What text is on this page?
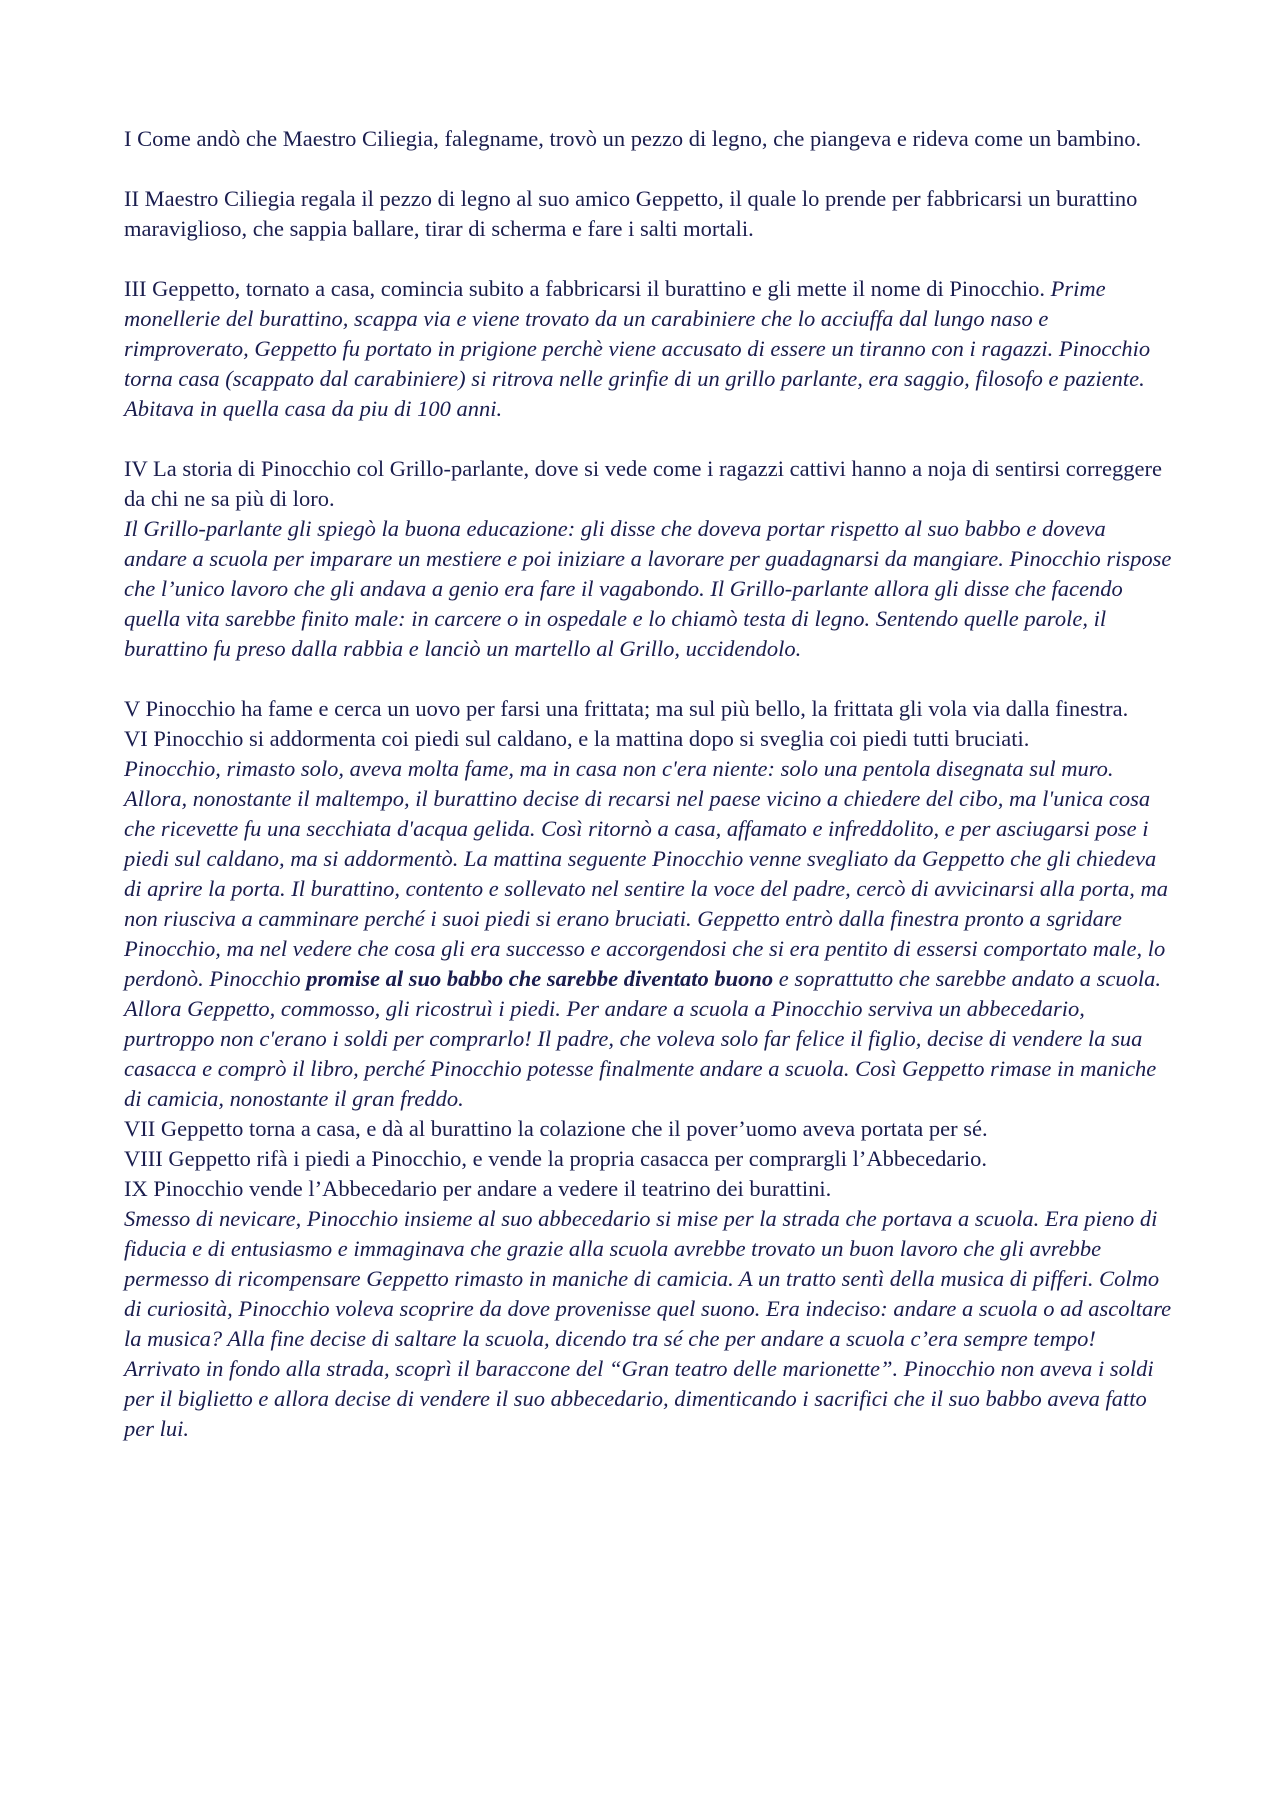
I Come andò che Maestro Ciliegia, falegname, trovò un pezzo di legno, che piangeva e rideva come un bambino.

II Maestro Ciliegia regala il pezzo di legno al suo amico Geppetto, il quale lo prende per fabbricarsi un burattino maraviglioso, che sappia ballare, tirar di scherma e fare i salti mortali.

III Geppetto, tornato a casa, comincia subito a fabbricarsi il burattino e gli mette il nome di Pinocchio. Prime monellerie del burattino, scappa via e viene trovato da un carabiniere che lo acciuffa dal lungo naso e rimproverato, Geppetto fu portato in prigione perchè viene accusato di essere un tiranno con i ragazzi. Pinocchio torna casa (scappato dal carabiniere) si ritrova nelle grinfie di un grillo parlante, era saggio, filosofo e paziente. Abitava in quella casa da piu di 100 anni.

IV La storia di Pinocchio col Grillo-parlante, dove si vede come i ragazzi cattivi hanno a noja di sentirsi correggere da chi ne sa più di loro.

Il Grillo-parlante gli spiegò la buona educazione: gli disse che doveva portar rispetto al suo babbo e doveva andare a scuola per imparare un mestiere e poi iniziare a lavorare per guadagnarsi da mangiare. Pinocchio rispose che l’unico lavoro che gli andava a genio era fare il vagabondo. Il Grillo-parlante allora gli disse che facendo quella vita sarebbe finito male: in carcere o in ospedale e lo chiamò testa di legno. Sentendo quelle parole, il burattino fu preso dalla rabbia e lanciò un martello al Grillo, uccidendolo.

V Pinocchio ha fame e cerca un uovo per farsi una frittata; ma sul più bello, la frittata gli vola via dalla finestra.

VI Pinocchio si addormenta coi piedi sul caldano, e la mattina dopo si sveglia coi piedi tutti bruciati.

Pinocchio, rimasto solo, aveva molta fame, ma in casa non c'era niente: solo una pentola disegnata sul muro. Allora, nonostante il maltempo, il burattino decise di recarsi nel paese vicino a chiedere del cibo, ma l'unica cosa che ricevette fu una secchiata d'acqua gelida. Così ritornò a casa, affamato e infreddolito, e per asciugarsi pose i piedi sul caldano, ma si addormentò. La mattina seguente Pinocchio venne svegliato da Geppetto che gli chiedeva di aprire la porta. Il burattino, contento e sollevato nel sentire la voce del padre, cercò di avvicinarsi alla porta, ma non riusciva a camminare perché i suoi piedi si erano bruciati. Geppetto entrò dalla finestra pronto a sgridare Pinocchio, ma nel vedere che cosa gli era successo e accorgendosi che si era pentito di essersi comportato male, lo perdonò. Pinocchio promise al suo babbo che sarebbe diventato buono e soprattutto che sarebbe andato a scuola. Allora Geppetto, commosso, gli ricostruì i piedi. Per andare a scuola a Pinocchio serviva un abbecedario, purtroppo non c'erano i soldi per comprarlo! Il padre, che voleva solo far felice il figlio, decise di vendere la sua casacca e comprò il libro, perché Pinocchio potesse finalmente andare a scuola. Così Geppetto rimase in maniche di camicia, nonostante il gran freddo.

VII Geppetto torna a casa, e dà al burattino la colazione che il pover’uomo aveva portata per sé.

VIII Geppetto rifà i piedi a Pinocchio, e vende la propria casacca per comprargli l’Abbecedario.

IX Pinocchio vende l’Abbecedario per andare a vedere il teatrino dei burattini.

Smesso di nevicare, Pinocchio insieme al suo abbecedario si mise per la strada che portava a scuola. Era pieno di fiducia e di entusiasmo e immaginava che grazie alla scuola avrebbe trovato un buon lavoro che gli avrebbe permesso di ricompensare Geppetto rimasto in maniche di camicia. A un tratto sentì della musica di pifferi. Colmo di curiosità, Pinocchio voleva scoprire da dove provenisse quel suono. Era indeciso: andare a scuola o ad ascoltare la musica? Alla fine decise di saltare la scuola, dicendo tra sé che per andare a scuola c’era sempre tempo! Arrivato in fondo alla strada, scoprì il baraccone del “Gran teatro delle marionette”. Pinocchio non aveva i soldi per il biglietto e allora decise di vendere il suo abbecedario, dimenticando i sacrifici che il suo babbo aveva fatto per lui.
